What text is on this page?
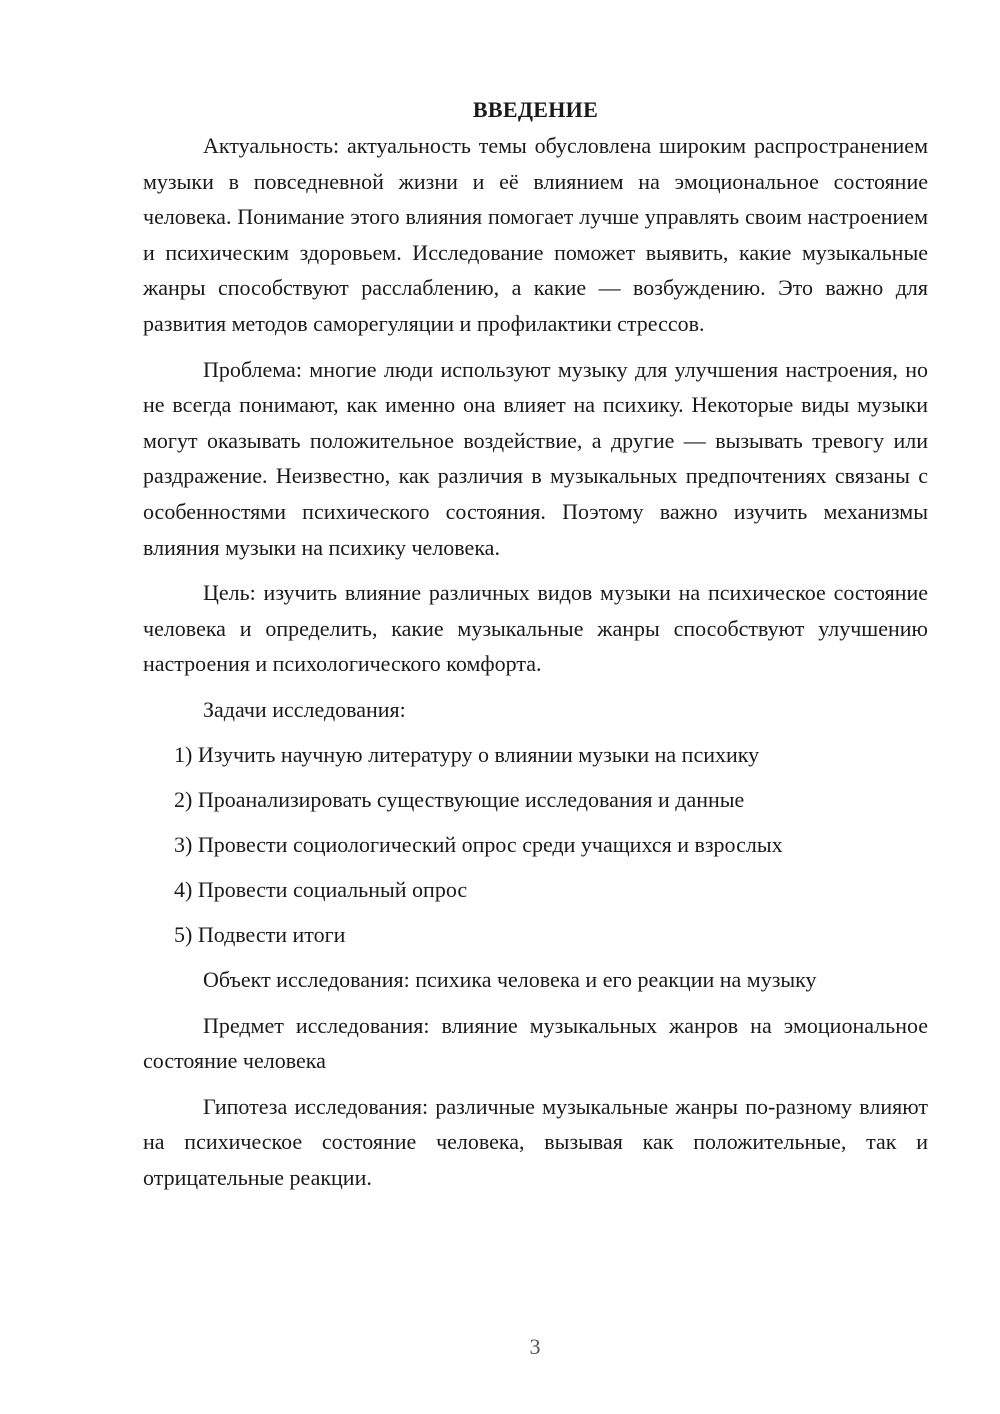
ВВЕДЕНИЕ

Актуальность: актуальность темы обусловлена широким распространением музыки в повседневной жизни и её влиянием на эмоциональное состояние человека. Понимание этого влияния помогает лучше управлять своим настроением и психическим здоровьем. Исследование поможет выявить, какие музыкальные жанры способствуют расслаблению, а какие — возбуждению. Это важно для развития методов саморегуляции и профилактики стрессов.

Проблема: многие люди используют музыку для улучшения настроения, но не всегда понимают, как именно она влияет на психику. Некоторые виды музыки могут оказывать положительное воздействие, а другие — вызывать тревогу или раздражение. Неизвестно, как различия в музыкальных предпочтениях связаны с особенностями психического состояния. Поэтому важно изучить механизмы влияния музыки на психику человека.

Цель: изучить влияние различных видов музыки на психическое состояние человека и определить, какие музыкальные жанры способствуют улучшению настроения и психологического комфорта.

Задачи исследования:
1) Изучить научную литературу о влиянии музыки на психику
2) Проанализировать существующие исследования и данные
3) Провести социологический опрос среди учащихся и взрослых
4) Провести социальный опрос
5) Подвести итоги
Объект исследования: психика человека и его реакции на музыку

Предмет исследования: влияние музыкальных жанров на эмоциональное состояние человека

Гипотеза исследования: различные музыкальные жанры по-разному влияют на психическое состояние человека, вызывая как положительные, так и отрицательные реакции.

3
